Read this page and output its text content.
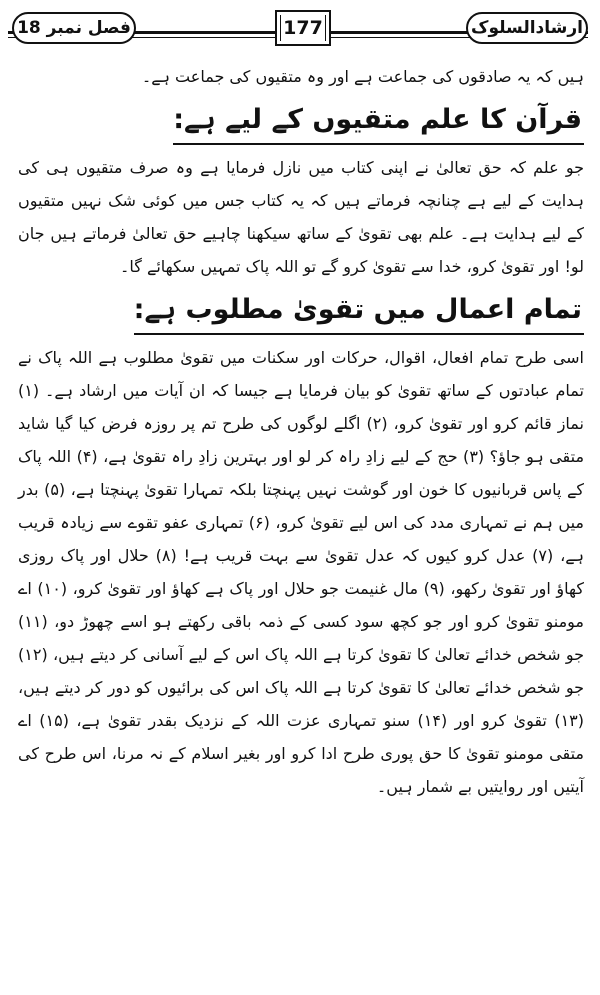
فصل نمبر 18	177	ارشادالسلوک

ہیں کہ یہ صادقوں کی جماعت ہے اور وہ متقیوں کی جماعت ہے۔

قرآن کا علم متقیوں کے لیے ہے:

جو علم کہ حق تعالیٰ نے اپنی کتاب میں نازل فرمایا ہے وہ صرف متقیوں ہی کی ہدایت کے لیے ہے چنانچہ فرماتے ہیں کہ یہ کتاب جس میں کوئی شک نہیں متقیوں کے لیے ہدایت ہے۔ علم بھی تقویٰ کے ساتھ سیکھنا چاہیے حق تعالیٰ فرماتے ہیں جان لو! اور تقویٰ کرو، خدا سے تقویٰ کرو گے تو اللہ پاک تمہیں سکھائے گا۔

تمام اعمال میں تقویٰ مطلوب ہے:

اسی طرح تمام افعال، اقوال، حرکات اور سکنات میں تقویٰ مطلوب ہے اللہ پاک نے تمام عبادتوں کے ساتھ تقویٰ کو بیان فرمایا ہے جیسا کہ ان آیات میں ارشاد ہے۔ (۱) نماز قائم کرو اور تقویٰ کرو، (۲) اگلے لوگوں کی طرح تم پر روزہ فرض کیا گیا شاید متقی ہو جاؤ؟ (۳) حج کے لیے زادِ راہ کر لو اور بہترین زادِ راہ تقویٰ ہے، (۴) اللہ پاک کے پاس قربانیوں کا خون اور گوشت نہیں پہنچتا بلکہ تمہارا تقویٰ پہنچتا ہے، (۵) بدر میں ہم نے تمہاری مدد کی اس لیے تقویٰ کرو، (۶) تمہاری عفو تقوے سے زیادہ قریب ہے، (۷) عدل کرو کیوں کہ عدل تقویٰ سے بہت قریب ہے! (۸) حلال اور پاک روزی کھاؤ اور تقویٰ رکھو، (۹) مال غنیمت جو حلال اور پاک ہے کھاؤ اور تقویٰ کرو، (۱۰) اے مومنو تقویٰ کرو اور جو کچھ سود کسی کے ذمہ باقی رکھتے ہو اسے چھوڑ دو، (۱۱) جو شخص خدائے تعالیٰ کا تقویٰ کرتا ہے اللہ پاک اس کے لیے آسانی کر دیتے ہیں، (۱۲) جو شخص خدائے تعالیٰ کا تقویٰ کرتا ہے اللہ پاک اس کی برائیوں کو دور کر دیتے ہیں، (۱۳) تقویٰ کرو اور (۱۴) سنو تمہاری عزت اللہ کے نزدیک بقدر تقویٰ ہے، (۱۵) اے متقی مومنو تقویٰ کا حق پوری طرح ادا کرو اور بغیر اسلام کے نہ مرنا، اس طرح کی آیتیں اور روایتیں بے شمار ہیں۔
